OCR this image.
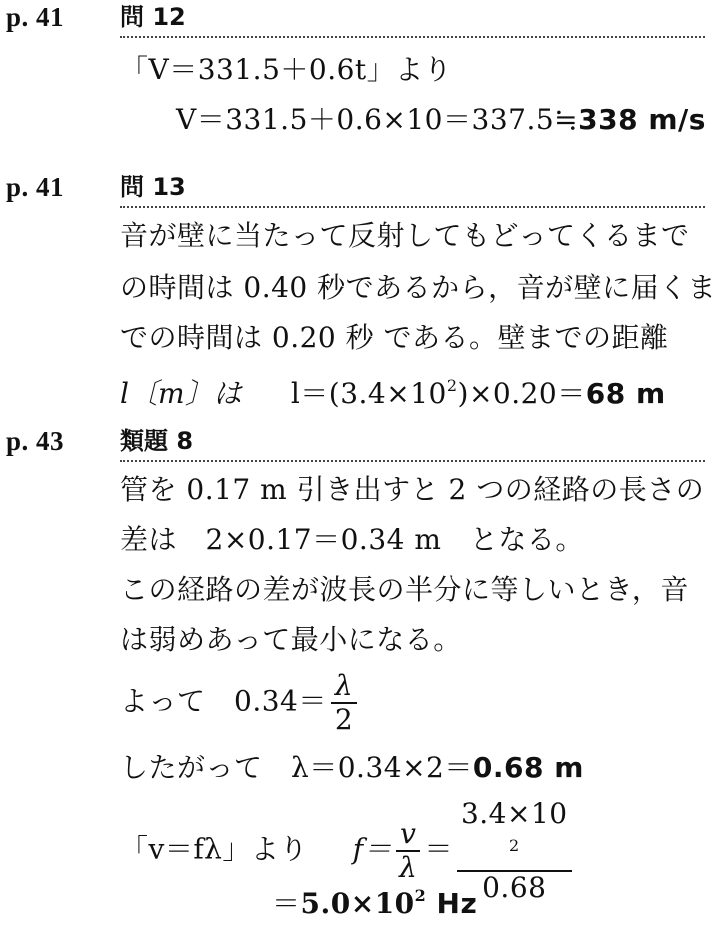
p. 41 問 12
「V＝331.5＋0.6t」より
V＝331.5＋0.6×10＝337.5≒338 m/s
p. 41 問 13
音が壁に当たって反射してもどってくるまで
の時間は 0.40 秒であるから，音が壁に届くま
での時間は 0.20 秒 である。壁までの距離
l〔m〕は $l=(3.4\times 10^2)\times 0.20=68$ m
p. 43 類題 8
管を 0.17 m 引き出すと 2 つの経路の長さの
差は　2×0.17＝0.34 m　となる。
この経路の差が波長の半分に等しいとき，音
は弱めあって最小になる。
よって　$0.34= \frac{\lambda}{2}$
したがって　λ＝0.34×2＝0.68 m
「v＝fλ」より $f= \frac{v}{\lambda} = 3.4\times 10$
$^2$
0.68
$=5.0\times 10^2$ Hz
